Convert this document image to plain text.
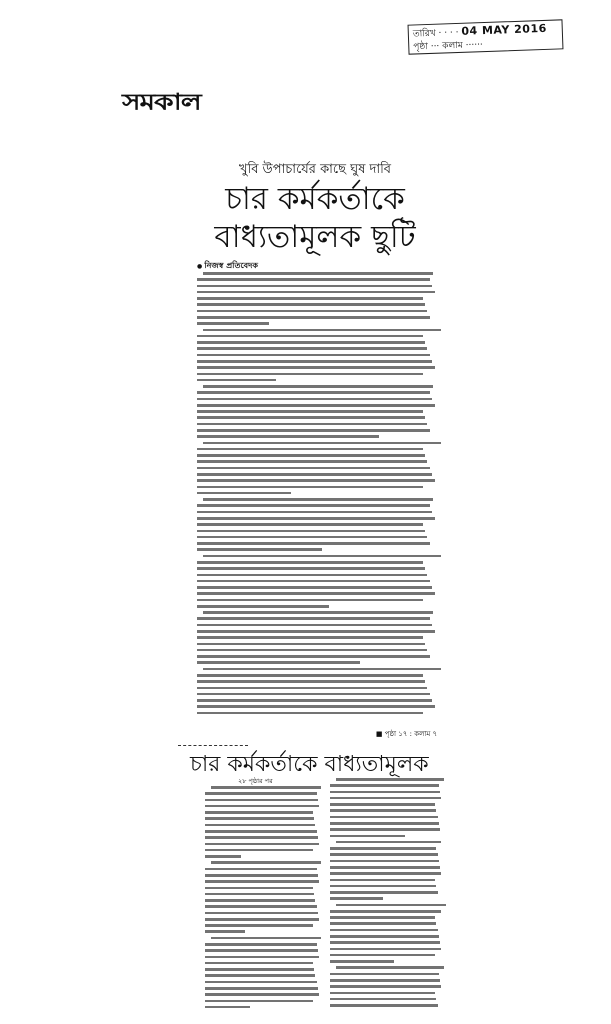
তারিখ · · · · 04 MAY 2016
পৃষ্ঠা ··· কলাম ······
সমকাল
খুবি উপাচার্যের কাছে ঘুষ দাবি
চার কর্মকর্তাকে
বাধ্যতামূলক ছুটি
● নিজস্ব প্রতিবেদক
■ পৃষ্ঠা ১৭ : কলাম ৭
চার কর্মকর্তাকে বাধ্যতামূলক
২৮ পৃষ্ঠার পর
